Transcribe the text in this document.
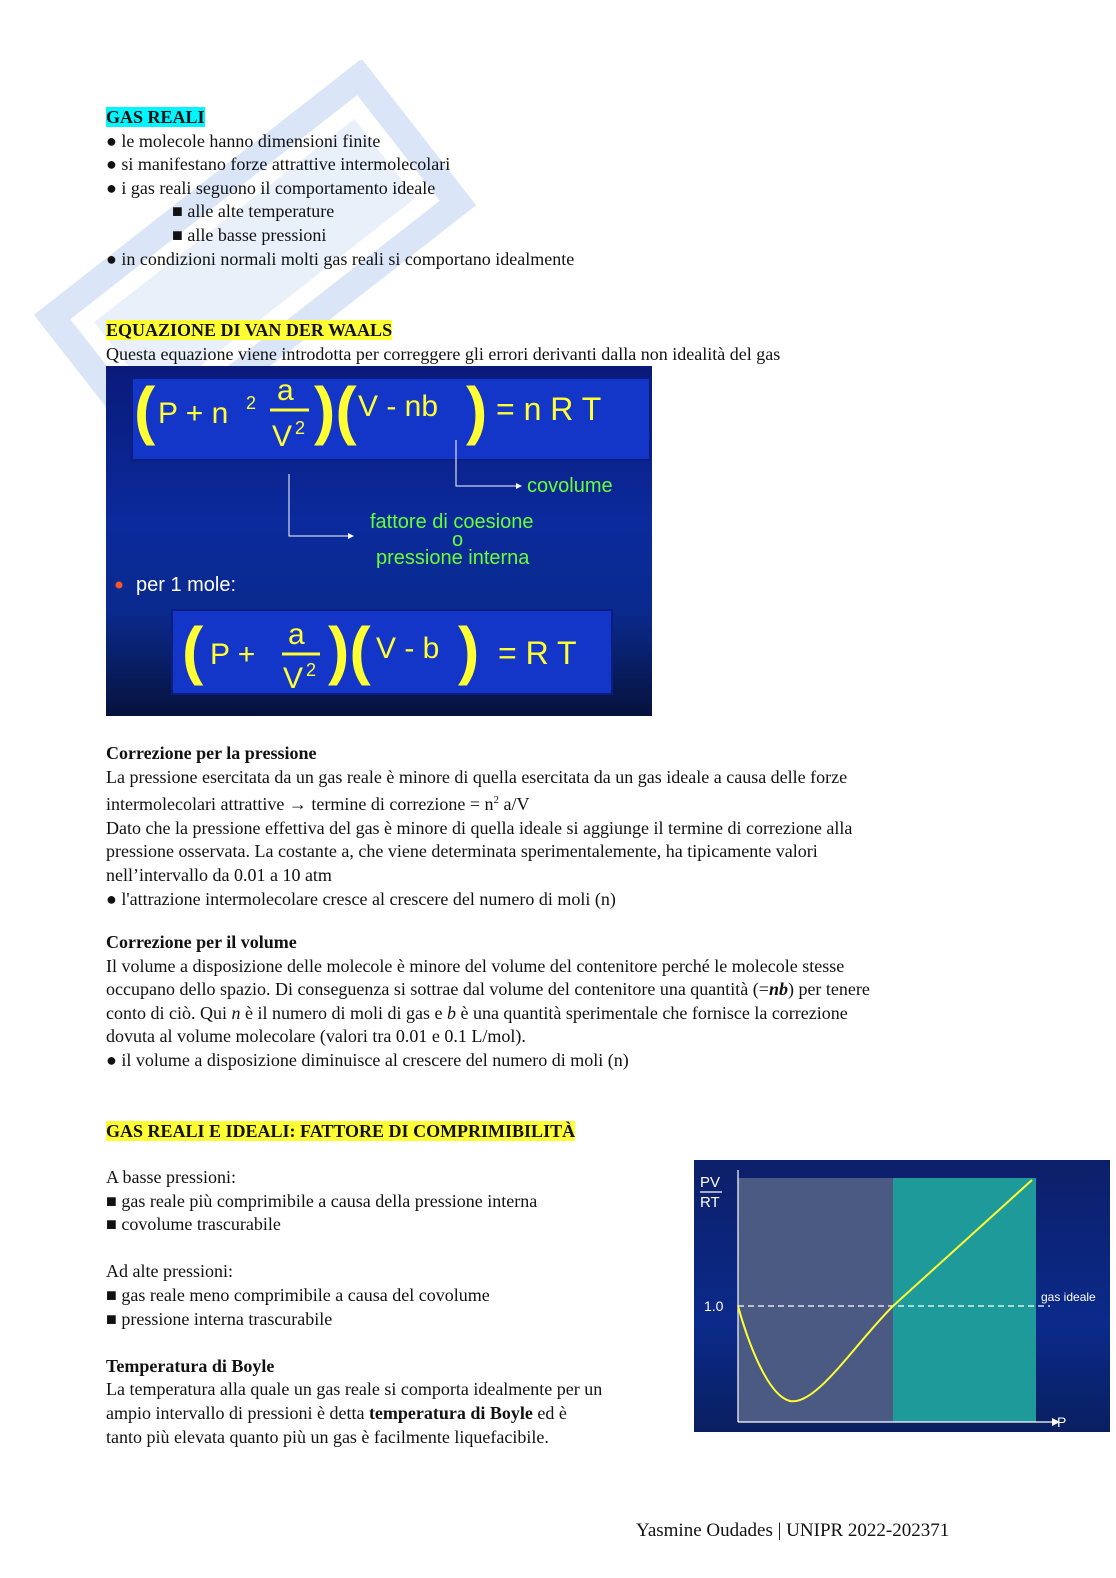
GAS REALI

● le molecole hanno dimensioni finite

● si manifestano forze attrattive intermolecolari

● i gas reali seguono il comportamento ideale

■ alle alte temperature

■ alle basse pressioni

● in condizioni normali molti gas reali si comportano idealmente

EQUAZIONE DI VAN DER WAALS

Questa equazione viene introdotta per correggere gli errori derivanti dalla non idealità del gas

( P + n 2 a
V 2 )( V - nb ) = n R T
covolume
fattore di coesione
o
pressione interna
per 1 mole:
( P +
a
V 2 )( V - b ) = R T

Correzione per la pressione

La pressione esercitata da un gas reale è minore di quella esercitata da un gas ideale a causa delle forze

intermolecolari attrattive → termine di correzione = $n^2$ a/V

Dato che la pressione effettiva del gas è minore di quella ideale si aggiunge il termine di correzione alla

pressione osservata. La costante a, che viene determinata sperimentalemente, ha tipicamente valori

nell’intervallo da 0.01 a 10 atm

● l'attrazione intermolecolare cresce al crescere del numero di moli (n)

Correzione per il volume

Il volume a disposizione delle molecole è minore del volume del contenitore perché le molecole stesse

occupano dello spazio. Di conseguenza si sottrae dal volume del contenitore una quantità (=nb) per tenere

conto di ciò. Qui n è il numero di moli di gas e b è una quantità sperimentale che fornisce la correzione

dovuta al volume molecolare (valori tra 0.01 e 0.1 L/mol).

● il volume a disposizione diminuisce al crescere del numero di moli (n)

GAS REALI E IDEALI: FATTORE DI COMPRIMIBILITÀ

A basse pressioni:

■ gas reale più comprimibile a causa della pressione interna

■ covolume trascurabile

Ad alte pressioni:

■ gas reale meno comprimibile a causa del covolume

■ pressione interna trascurabile

Temperatura di Boyle

La temperatura alla quale un gas reale si comporta idealmente per un

ampio intervallo di pressioni è detta temperatura di Boyle ed è

tanto più elevata quanto più un gas è facilmente liquefacibile.

PV
RT
1.0
gas ideale
P
Yasmine Oudades | UNIPR 2022-202371
